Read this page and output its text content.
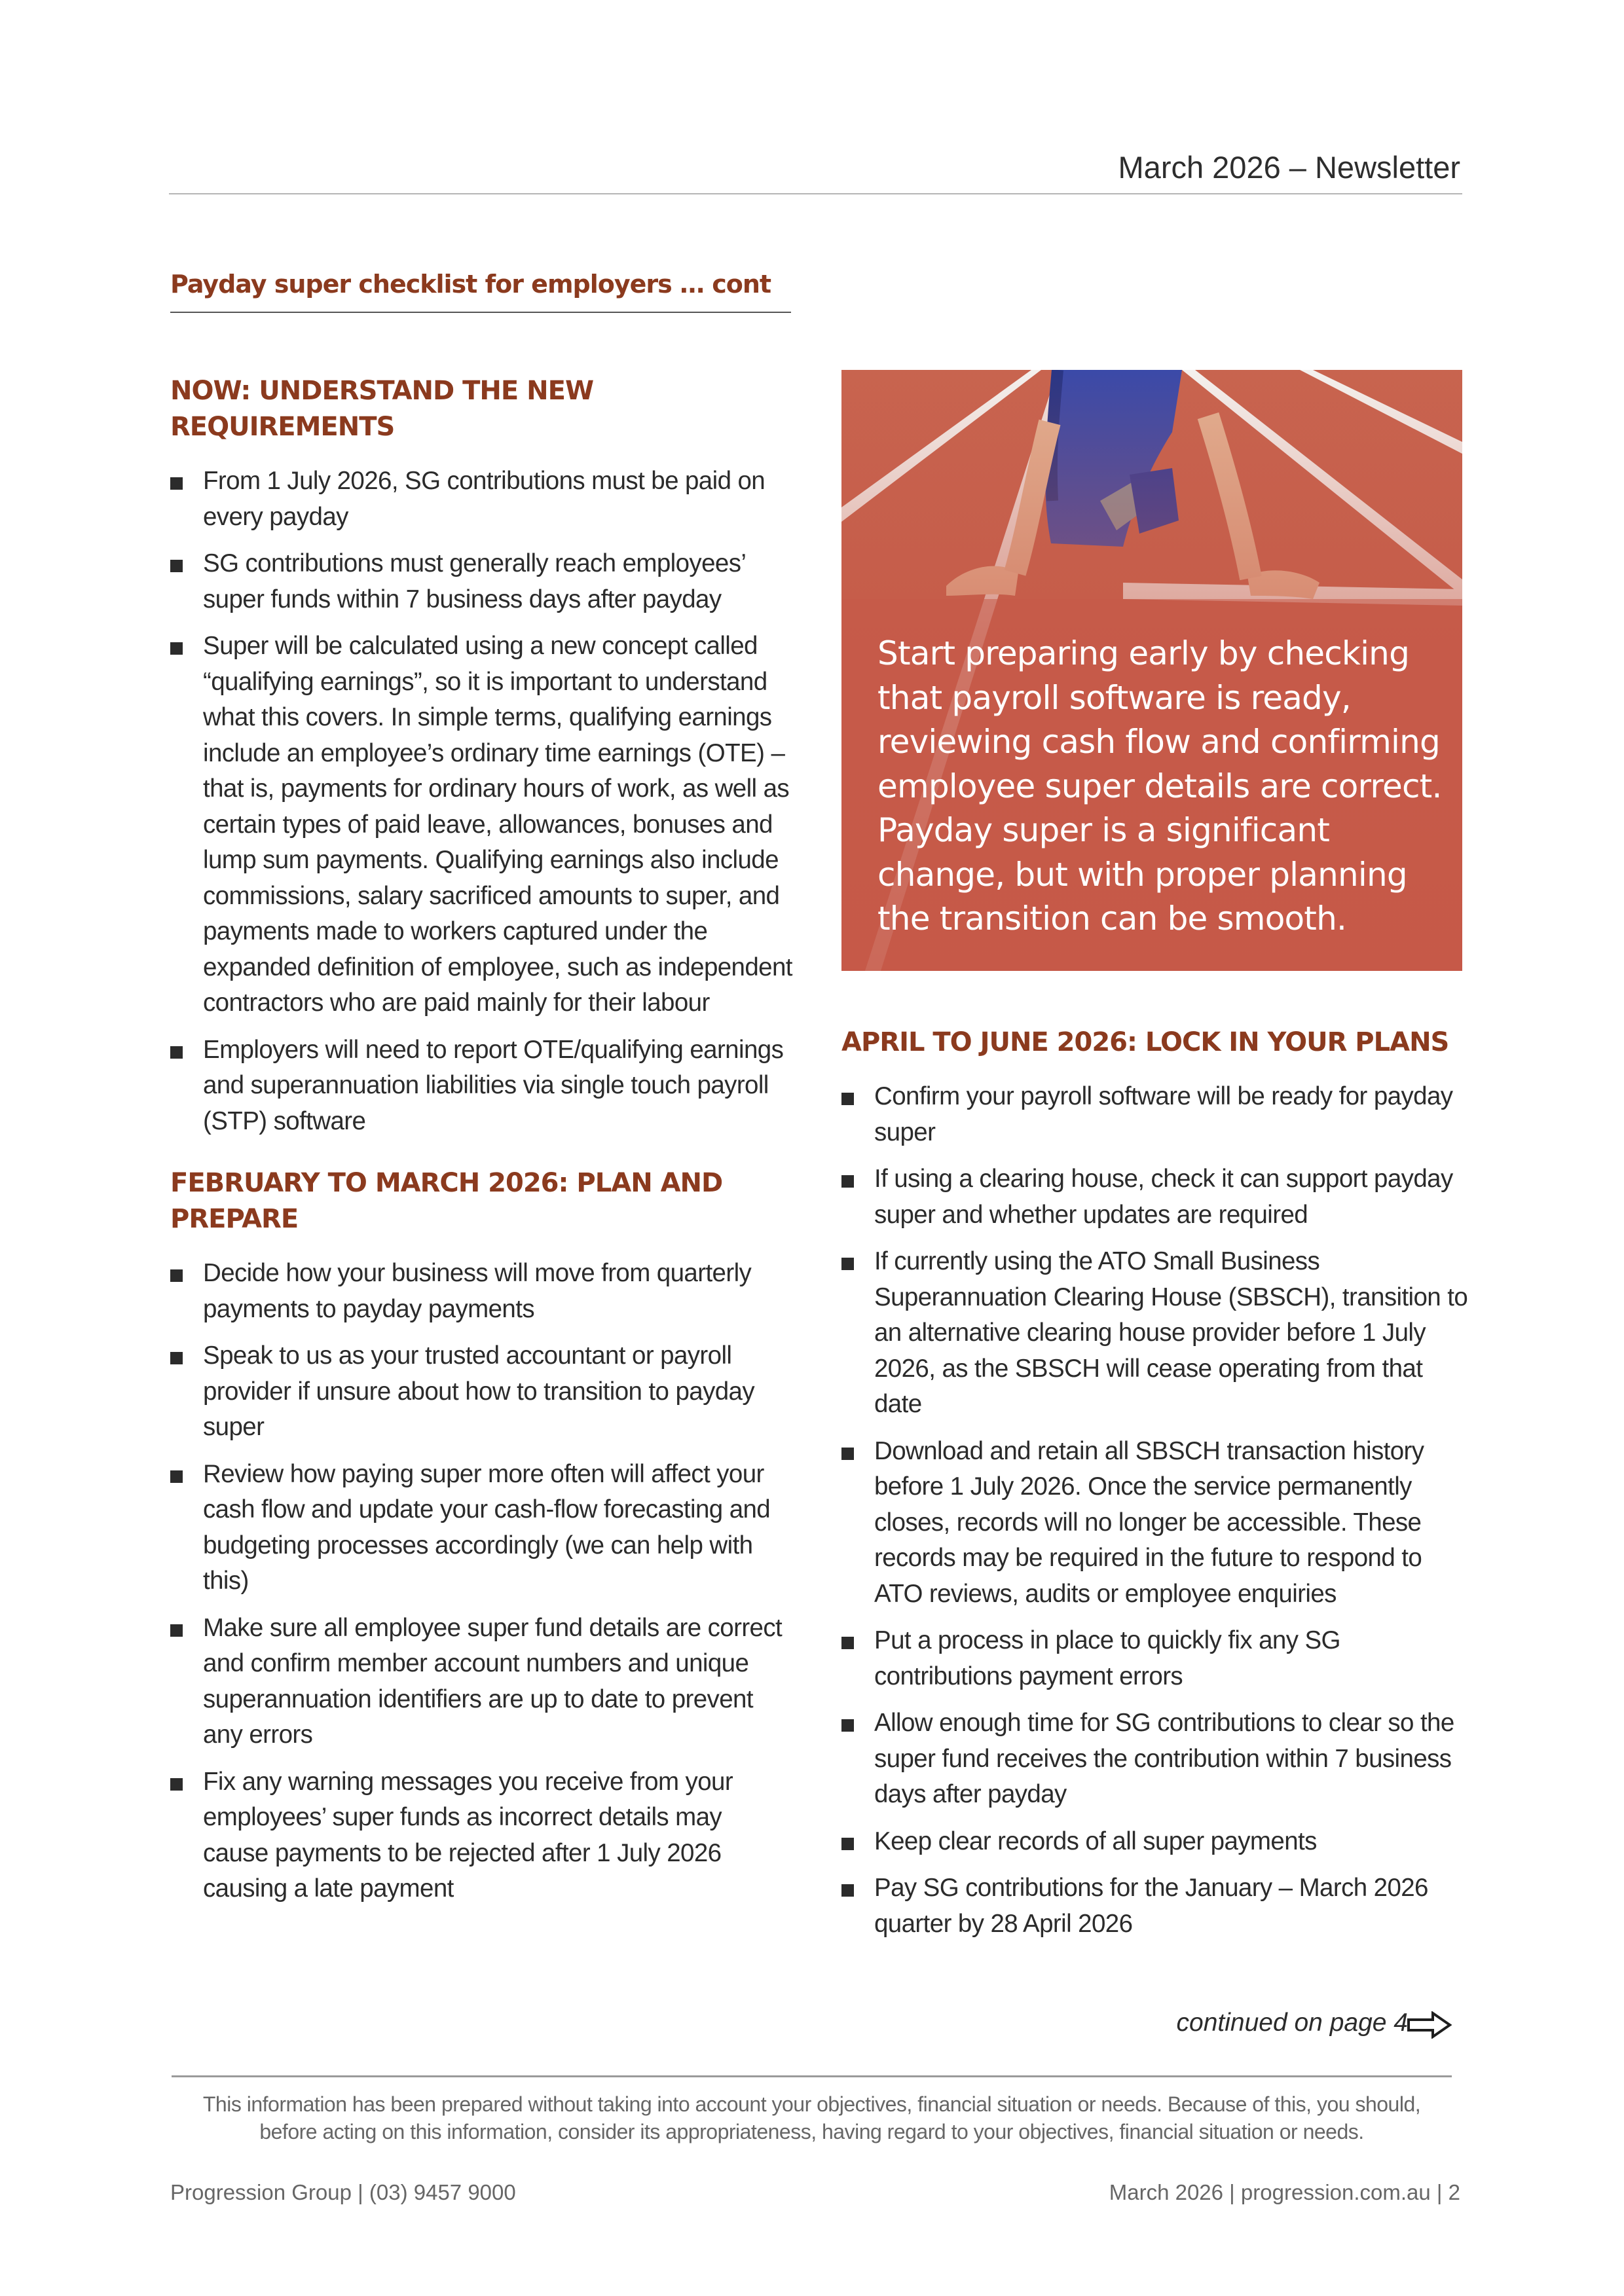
March 2026 – Newsletter
Payday super checklist for employers … cont
NOW: UNDERSTAND THE NEW REQUIREMENTS
From 1 July 2026, SG contributions must be paid on every payday
SG contributions must generally reach employees’ super funds within 7 business days after payday
Super will be calculated using a new concept called “qualifying earnings”, so it is important to understand what this covers. In simple terms, qualifying earnings include an employee’s ordinary time earnings (OTE) – that is, payments for ordinary hours of work, as well as certain types of paid leave, allowances, bonuses and lump sum payments. Qualifying earnings also include commissions, salary sacrificed amounts to super, and payments made to workers captured under the expanded definition of employee, such as independent contractors who are paid mainly for their labour
Employers will need to report OTE/qualifying earnings and superannuation liabilities via single touch payroll (STP) software
FEBRUARY TO MARCH 2026: PLAN AND PREPARE
Decide how your business will move from quarterly payments to payday payments
Speak to us as your trusted accountant or payroll provider if unsure about how to transition to payday super
Review how paying super more often will affect your cash flow and update your cash-flow forecasting and budgeting processes accordingly (we can help with this)
Make sure all employee super fund details are correct and confirm member account numbers and unique superannuation identifiers are up to date to prevent any errors
Fix any warning messages you receive from your employees’ super funds as incorrect details may cause payments to be rejected after 1 July 2026 causing a late payment
Start preparing early by checking that payroll software is ready, reviewing cash flow and confirming employee super details are correct. Payday super is a significant change, but with proper planning the transition can be smooth.
APRIL TO JUNE 2026: LOCK IN YOUR PLANS
Confirm your payroll software will be ready for payday super
If using a clearing house, check it can support payday super and whether updates are required
If currently using the ATO Small Business Superannuation Clearing House (SBSCH), transition to an alternative clearing house provider before 1 July 2026, as the SBSCH will cease operating from that date
Download and retain all SBSCH transaction history before 1 July 2026. Once the service permanently closes, records will no longer be accessible. These records may be required in the future to respond to ATO reviews, audits or employee enquiries
Put a process in place to quickly fix any SG contributions payment errors
Allow enough time for SG contributions to clear so the super fund receives the contribution within 7 business days after payday
Keep clear records of all super payments
Pay SG contributions for the January – March 2026 quarter by 28 April 2026
continued on page 4
This information has been prepared without taking into account your objectives, financial situation or needs. Because of this, you should, before acting on this information, consider its appropriateness, having regard to your objectives, financial situation or needs.
Progression Group | (03) 9457 9000	March 2026 | progression.com.au | 2
